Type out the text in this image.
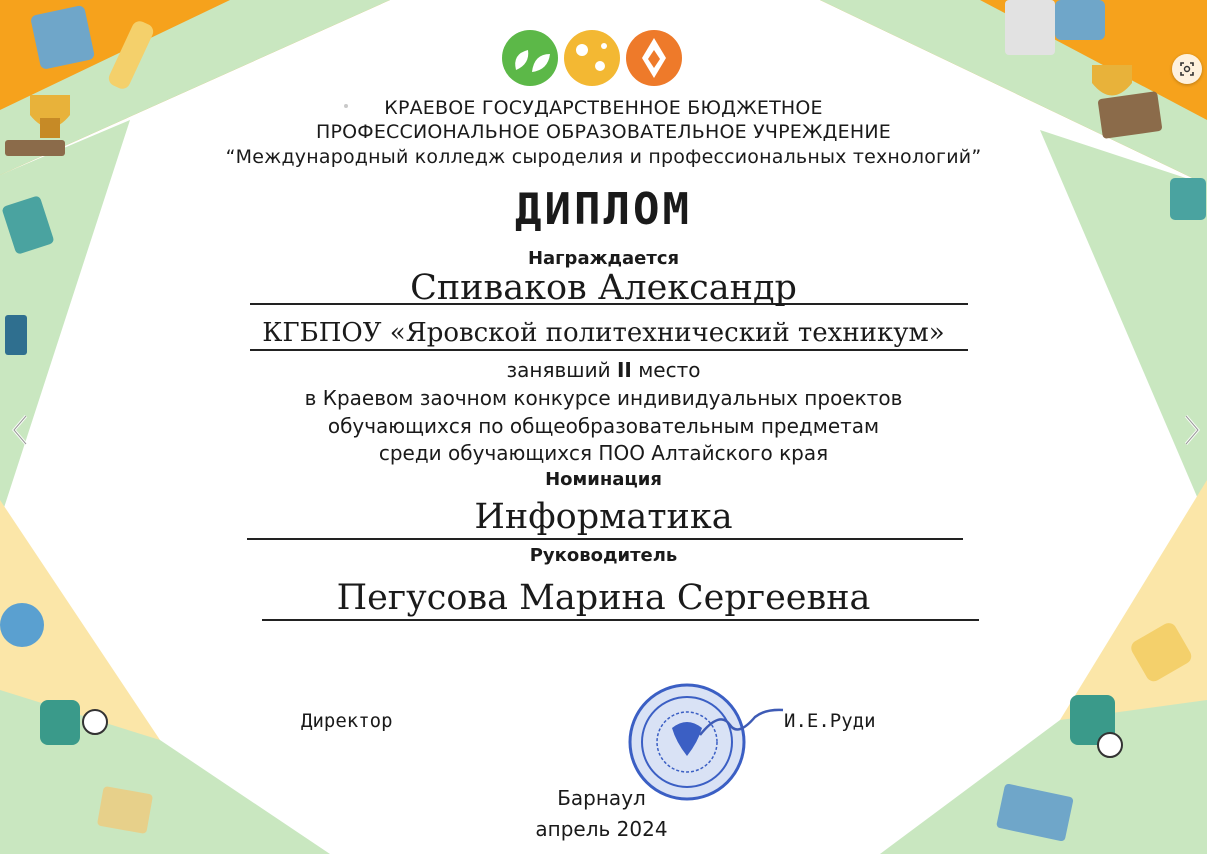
КРАЕВОЕ ГОСУДАРСТВЕННОЕ БЮДЖЕТНОЕ
ПРОФЕССИОНАЛЬНОЕ ОБРАЗОВАТЕЛЬНОЕ УЧРЕЖДЕНИЕ
“Международный колледж сыроделия и профессиональных технологий”
ДИПЛОМ
Награждается
Спиваков Александр
КГБПОУ «Яровской политехнический техникум»
занявший II место
в Краевом заочном конкурсе индивидуальных проектов
обучающихся по общеобразовательным предметам
среди обучающихся ПОО Алтайского края
Номинация
Информатика
Руководитель
Пегусова Марина Сергеевна
Директор	И.Е.Руди
Барнаул
апрель 2024
